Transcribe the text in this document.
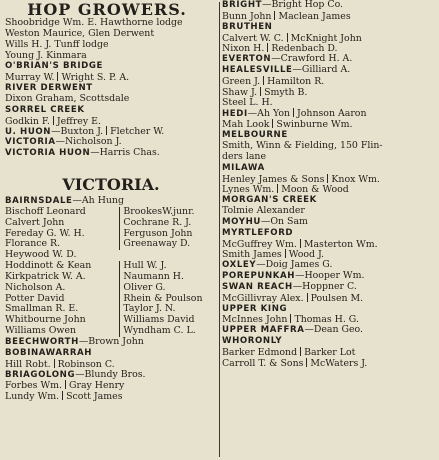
HOP GROWERS.
Shoobridge Wm. E. Hawthorne lodge
Weston Maurice, Glen Derwent
Wills H. J. Tunff lodge
Young J. Kinmara
O'BRIAN'S BRIDGE
Murray W. Wright S. P. A.
RIVER DERWENT
Dixon Graham, Scottsdale
SORREL CREEK
Godkin F. Jeffrey E.
U. HUON—Buxton J. Fletcher W.
VICTORIA—Nicholson J.
VICTORIA HUON—Harris Chas.
VICTORIA.
BAIRNSDALE—Ah Hung
Bischoff Leonard	BrookesW.junr.
Calvert John	Cochrane R. J.
Fereday G. W. H.	Ferguson John
Florance R.	Greenaway D.
Heywood W. D.
Hoddinott & Kean	Hull W. J.
Kirkpatrick W. A.	Naumann H.
Nicholson A.	Oliver G.
Potter David	Rhein & Poulson
Smallman R. E.	Taylor J. N.
Whitbourne John	Williams David
Williams Owen	Wyndham C. L.
BEECHWORTH—Brown John
BOBINAWARRAH
Hill Robt. Robinson C.
BRIAGOLONG—Blundy Bros.
Forbes Wm. Gray Henry
Lundy Wm. Scott James
BRIGHT—Bright Hop Co.
Bunn John Maclean James
BRUTHEN
Calvert W. C. McKnight John
Nixon H. Redenbach D.
EVERTON—Crawford H. A.
HEALESVILLE—Gilliard A.
Green J. Hamilton R.
Shaw J. Smyth B.
Steel L. H.
HEDI—Ah Yon Johnson Aaron
Mah Look Swinburne Wm.
MELBOURNE
Smith, Winn & Fielding, 150 Flin-
ders lane
MILAWA
Henley James & Sons Knox Wm.
Lynes Wm. Moon & Wood
MORGAN'S CREEK
Tolmie Alexander
MOYHU—On Sam
MYRTLEFORD
McGuffrey Wm. Masterton Wm.
Smith James Wood J.
OXLEY—Doig James G.
POREPUNKAH—Hooper Wm.
SWAN REACH—Hoppner C.
McGillivray Alex. Poulsen M.
UPPER KING
McInnes John Thomas H. G.
UPPER MAFFRA—Dean Geo.
WHORONLY
Barker Edmond Barker Lot
Carroll T. & Sons McWaters J.
